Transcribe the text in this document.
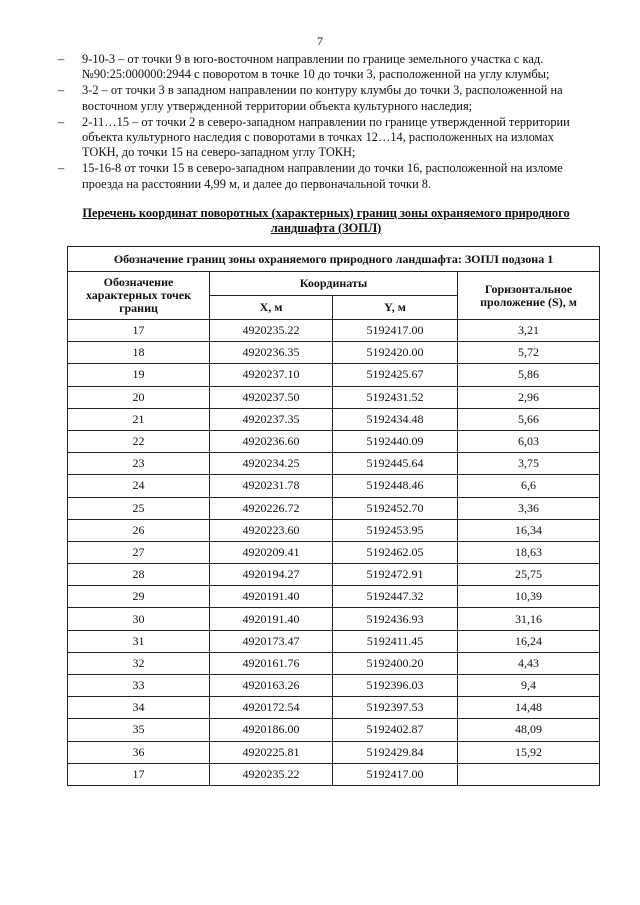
7
– 9-10-3 – от точки 9 в юго-восточном направлении по границе земельного участка с кад. №90:25:000000:2944 с поворотом в точке 10 до точки 3, расположенной на углу клумбы;
– 3-2 – от точки 3 в западном направлении по контуру клумбы до точки 3, расположенной на восточном углу утвержденной территории объекта культурного наследия;
– 2-11…15 – от точки 2 в северо-западном направлении по границе утвержденной территории объекта культурного наследия с поворотами в точках 12…14, расположенных на изломах ТОКН, до точки 15 на северо-западном углу ТОКН;
– 15-16-8 от точки 15 в северо-западном направлении до точки 16, расположенной на изломе проезда на расстоянии 4,99 м, и далее до первоначальной точки 8.
Перечень координат поворотных (характерных) границ зоны охраняемого природного ландшафта (ЗОПЛ)
Обозначение границ зоны охраняемого природного ландшафта: ЗОПЛ подзона 1			
Обозначение характерных точек границ	Координаты		Горизонтальное проложение (S), м
	X, м	Y, м	
17	4920235.22	5192417.00	3,21
18	4920236.35	5192420.00	5,72
19	4920237.10	5192425.67	5,86
20	4920237.50	5192431.52	2,96
21	4920237.35	5192434.48	5,66
22	4920236.60	5192440.09	6,03
23	4920234.25	5192445.64	3,75
24	4920231.78	5192448.46	6,6
25	4920226.72	5192452.70	3,36
26	4920223.60	5192453.95	16,34
27	4920209.41	5192462.05	18,63
28	4920194.27	5192472.91	25,75
29	4920191.40	5192447.32	10,39
30	4920191.40	5192436.93	31,16
31	4920173.47	5192411.45	16,24
32	4920161.76	5192400.20	4,43
33	4920163.26	5192396.03	9,4
34	4920172.54	5192397.53	14,48
35	4920186.00	5192402.87	48,09
36	4920225.81	5192429.84	15,92
17	4920235.22	5192417.00	
